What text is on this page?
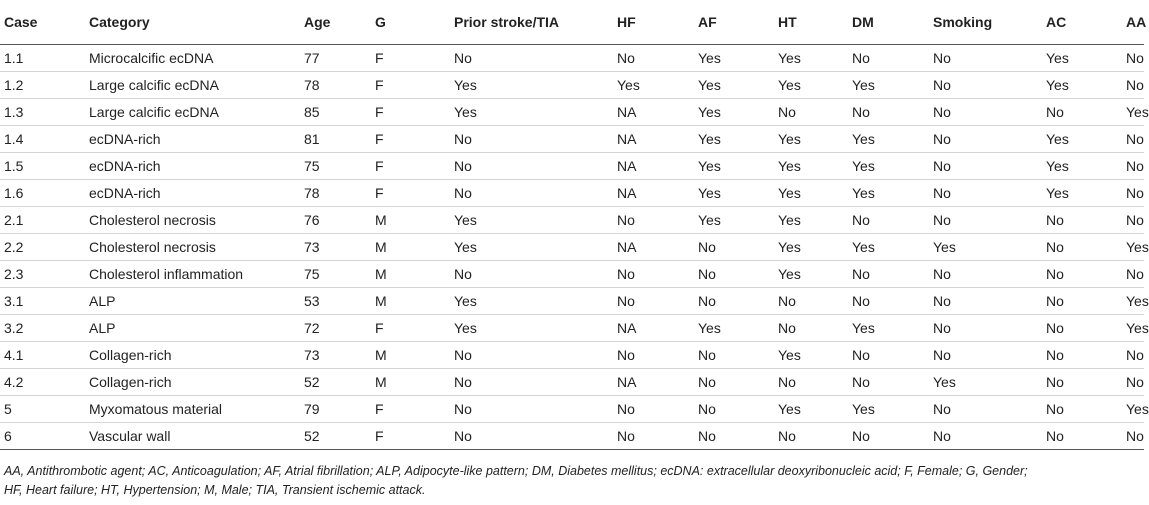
Case	Category	Age	G	Prior stroke/TIA	HF	AF	HT	DM	Smoking	AC	AA
1.1	Microcalcific ecDNA	77	F	No	No	Yes	Yes	No	No	Yes	No
1.2	Large calcific ecDNA	78	F	Yes	Yes	Yes	Yes	Yes	No	Yes	No
1.3	Large calcific ecDNA	85	F	Yes	NA	Yes	No	No	No	No	Yes
1.4	ecDNA-rich	81	F	No	NA	Yes	Yes	Yes	No	Yes	No
1.5	ecDNA-rich	75	F	No	NA	Yes	Yes	Yes	No	Yes	No
1.6	ecDNA-rich	78	F	No	NA	Yes	Yes	Yes	No	Yes	No
2.1	Cholesterol necrosis	76	M	Yes	No	Yes	Yes	No	No	No	No
2.2	Cholesterol necrosis	73	M	Yes	NA	No	Yes	Yes	Yes	No	Yes
2.3	Cholesterol inflammation	75	M	No	No	No	Yes	No	No	No	No
3.1	ALP	53	M	Yes	No	No	No	No	No	No	Yes
3.2	ALP	72	F	Yes	NA	Yes	No	Yes	No	No	Yes
4.1	Collagen-rich	73	M	No	No	No	Yes	No	No	No	No
4.2	Collagen-rich	52	M	No	NA	No	No	No	Yes	No	No
5	Myxomatous material	79	F	No	No	No	Yes	Yes	No	No	Yes
6	Vascular wall	52	F	No	No	No	No	No	No	No	No
AA, Antithrombotic agent; AC, Anticoagulation; AF, Atrial fibrillation; ALP, Adipocyte-like pattern; DM, Diabetes mellitus; ecDNA: extracellular deoxyribonucleic acid; F, Female; G, Gender;
HF, Heart failure; HT, Hypertension; M, Male; TIA, Transient ischemic attack.
